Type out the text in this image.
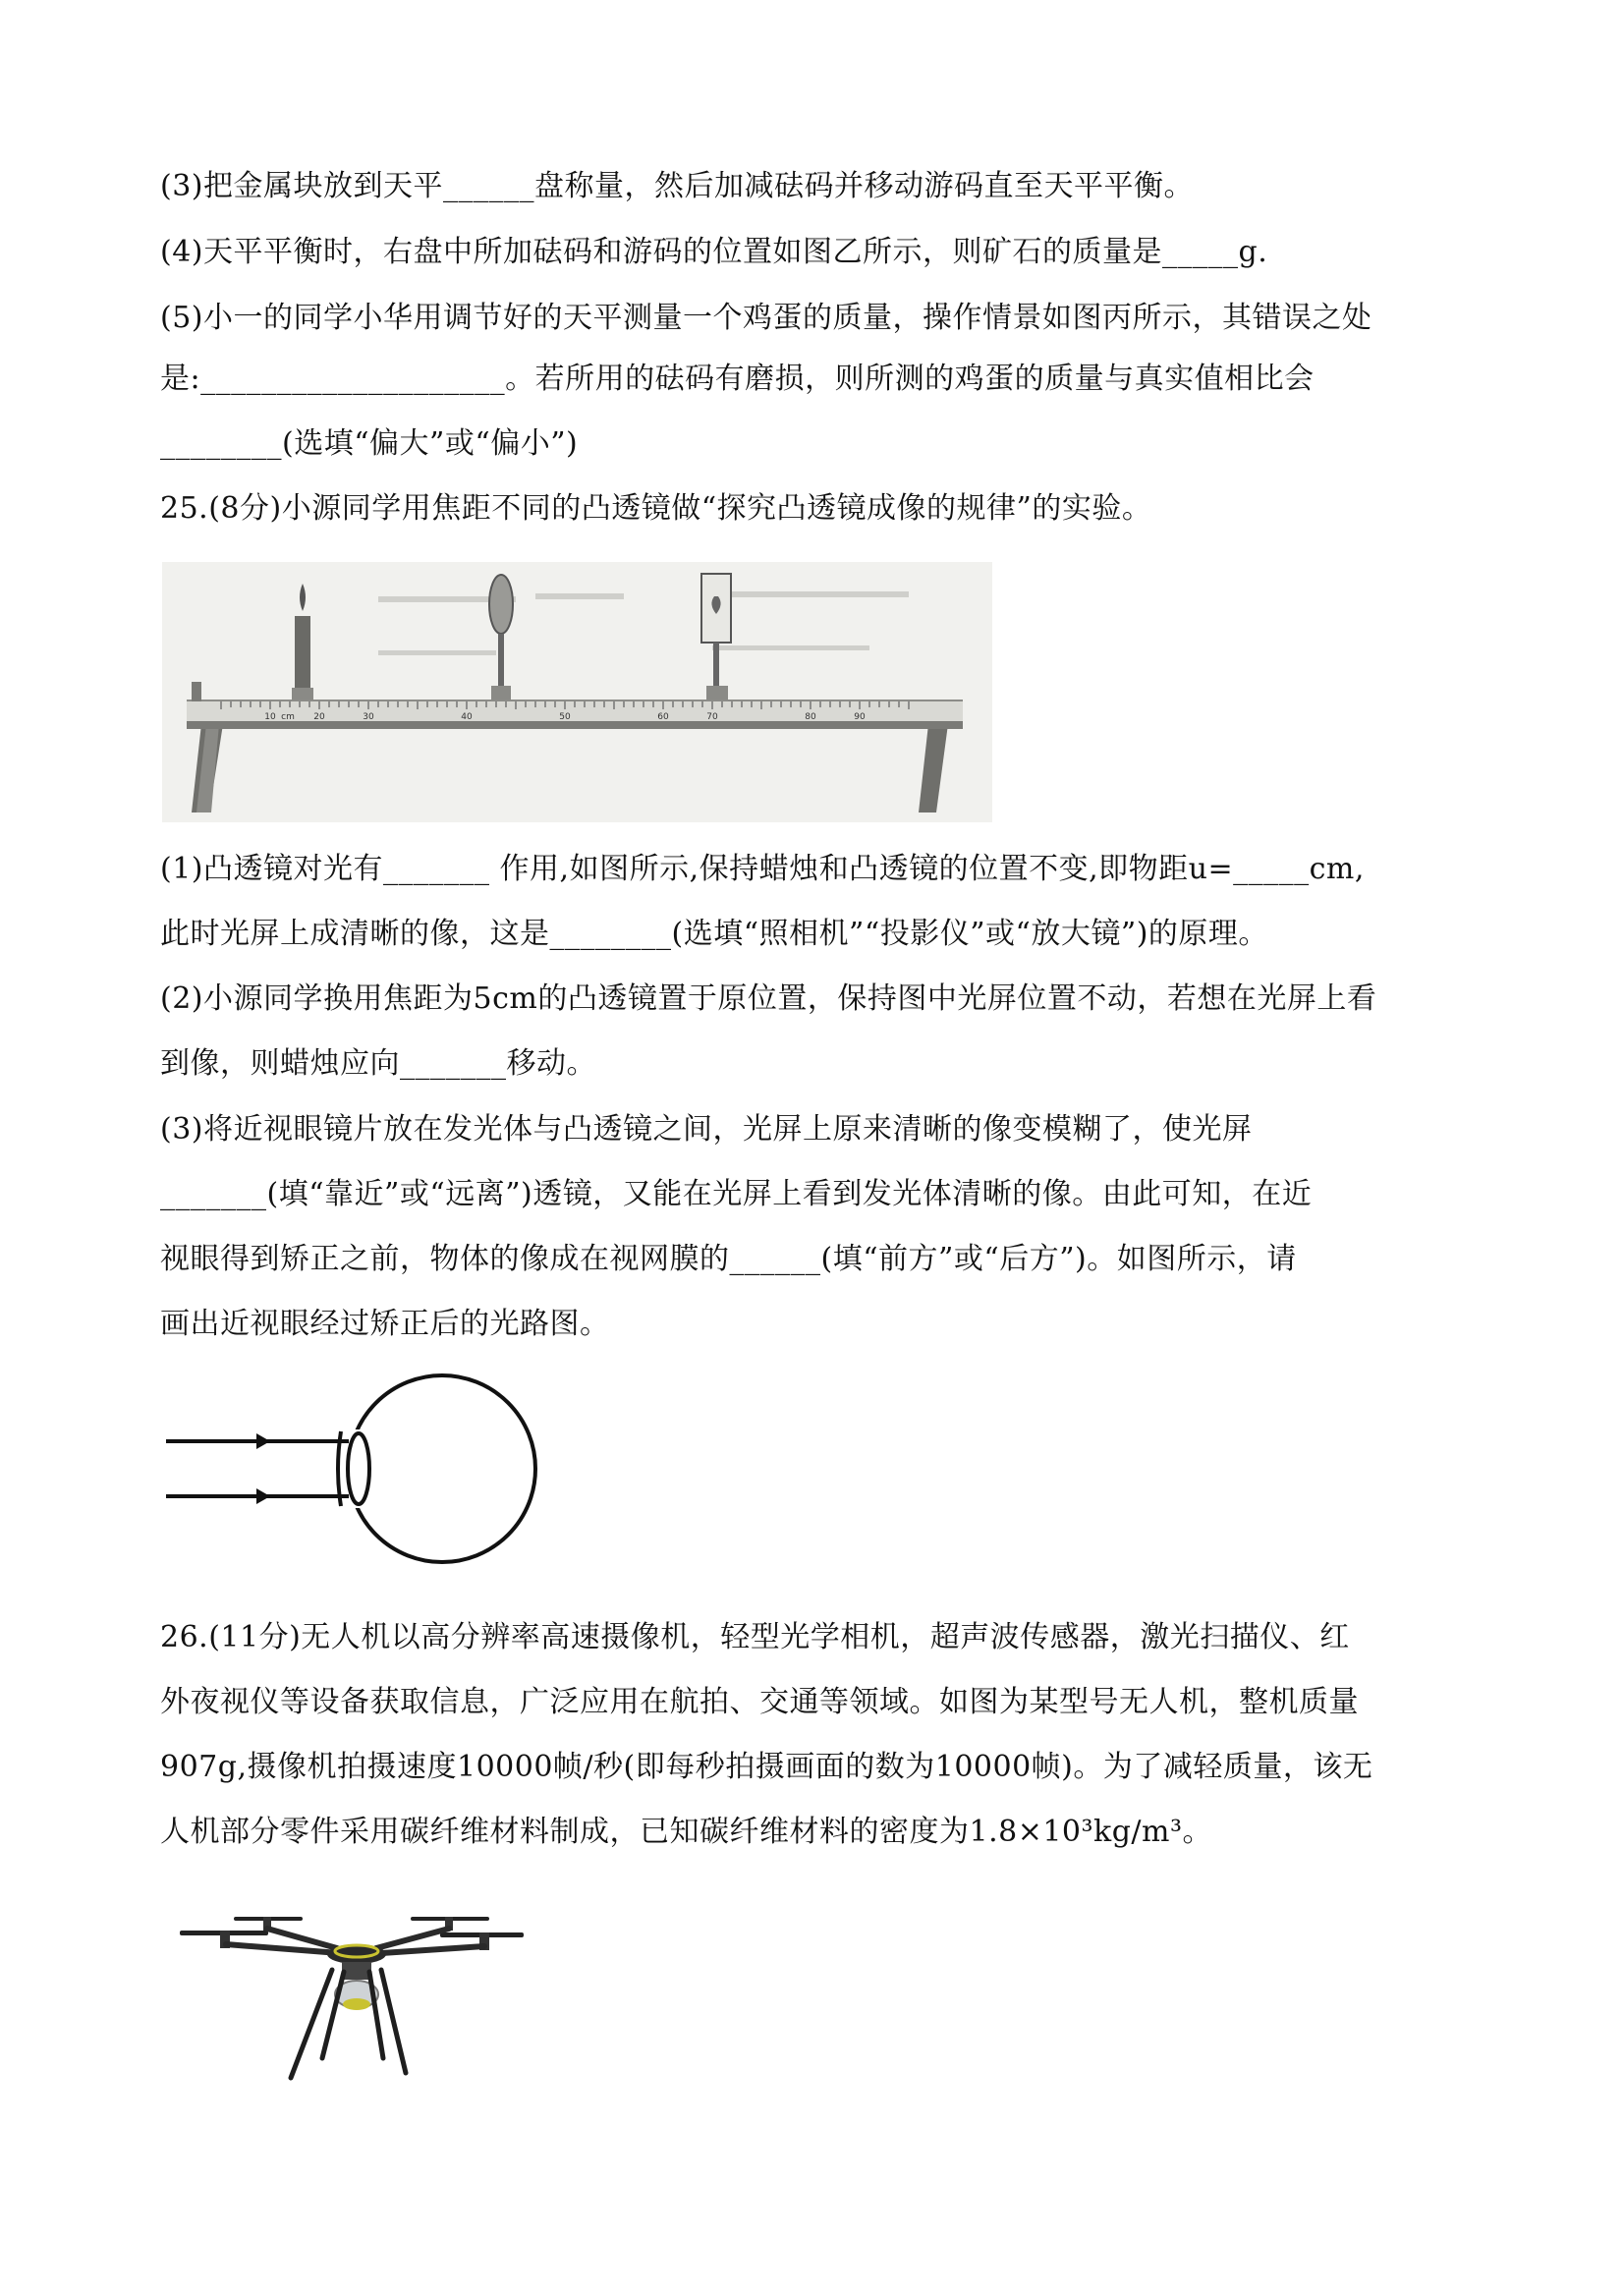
(3)把金属块放到天平______盘称量，然后加减砝码并移动游码直至天平平衡。
(4)天平平衡时，右盘中所加砝码和游码的位置如图乙所示，则矿石的质量是_____g.
(5)小一的同学小华用调节好的天平测量一个鸡蛋的质量，操作情景如图丙所示，其错误之处
是:____________________。若所用的砝码有磨损，则所测的鸡蛋的质量与真实值相比会
________(选填“偏大”或“偏小”)
25.(8分)小源同学用焦距不同的凸透镜做“探究凸透镜成像的规律”的实验。
10	20	30	40	50	60	70	80	90
cm
(1)凸透镜对光有_______ 作用,如图所示,保持蜡烛和凸透镜的位置不变,即物距u=_____cm,
此时光屏上成清晰的像，这是________(选填“照相机”“投影仪”或“放大镜”)的原理。
(2)小源同学换用焦距为5cm的凸透镜置于原位置，保持图中光屏位置不动，若想在光屏上看
到像，则蜡烛应向_______移动。
(3)将近视眼镜片放在发光体与凸透镜之间，光屏上原来清晰的像变模糊了，使光屏
_______(填“靠近”或“远离”)透镜，又能在光屏上看到发光体清晰的像。由此可知，在近
视眼得到矫正之前，物体的像成在视网膜的______(填“前方”或“后方”)。如图所示，请
画出近视眼经过矫正后的光路图。
26.(11分)无人机以高分辨率高速摄像机，轻型光学相机，超声波传感器，激光扫描仪、红
外夜视仪等设备获取信息，广泛应用在航拍、交通等领域。如图为某型号无人机，整机质量
907g,摄像机拍摄速度10000帧/秒(即每秒拍摄画面的数为10000帧)。为了减轻质量，该无
人机部分零件采用碳纤维材料制成，已知碳纤维材料的密度为1.8×10³kg/m³。
